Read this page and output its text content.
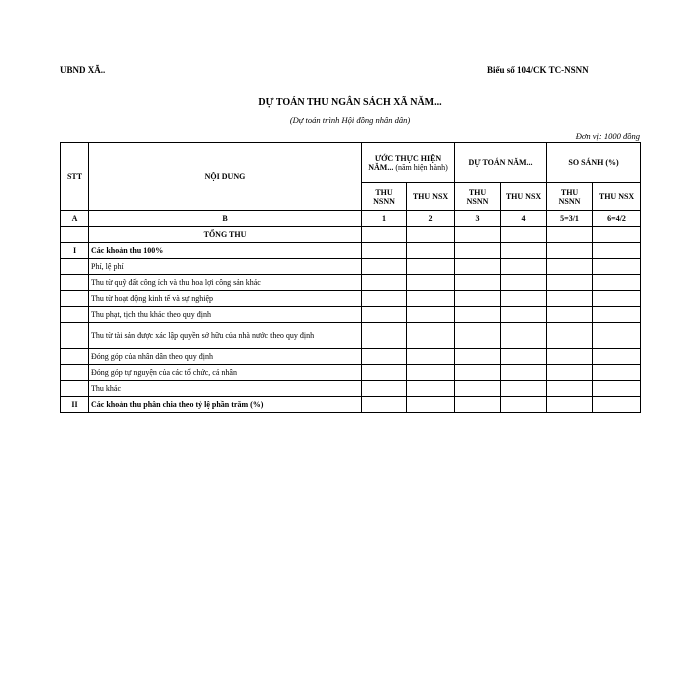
UBND XÃ..	Biểu số 104/CK TC-NSNN
DỰ TOÁN THU NGÂN SÁCH XÃ NĂM...
(Dự toán trình Hội đồng nhân dân)
Đơn vị: 1000 đồng
STT	NỘI DUNG	ƯỚC THỰC HIỆN NĂM... (năm hiện hành)		DỰ TOÁN NĂM...		SO SÁNH (%)	
		THU NSNN	THU NSX	THU NSNN	THU NSX	THU NSNN	THU NSX
A	B	1	2	3	4	5=3/1	6=4/2
	TỔNG THU						
I	Các khoản thu 100%						
	Phí, lệ phí						
	Thu từ quỹ đất công ích và thu hoa lợi công sản khác						
	Thu từ hoạt động kinh tế và sự nghiệp						
	Thu phạt, tịch thu khác theo quy định						
	Thu từ tài sản được xác lập quyền sở hữu của nhà nước theo quy định						
	Đóng góp của nhân dân theo quy định						
	Đóng góp tự nguyện của các tổ chức, cá nhân						
	Thu khác						
II	Các khoản thu phân chia theo tỷ lệ phần trăm (%)						
